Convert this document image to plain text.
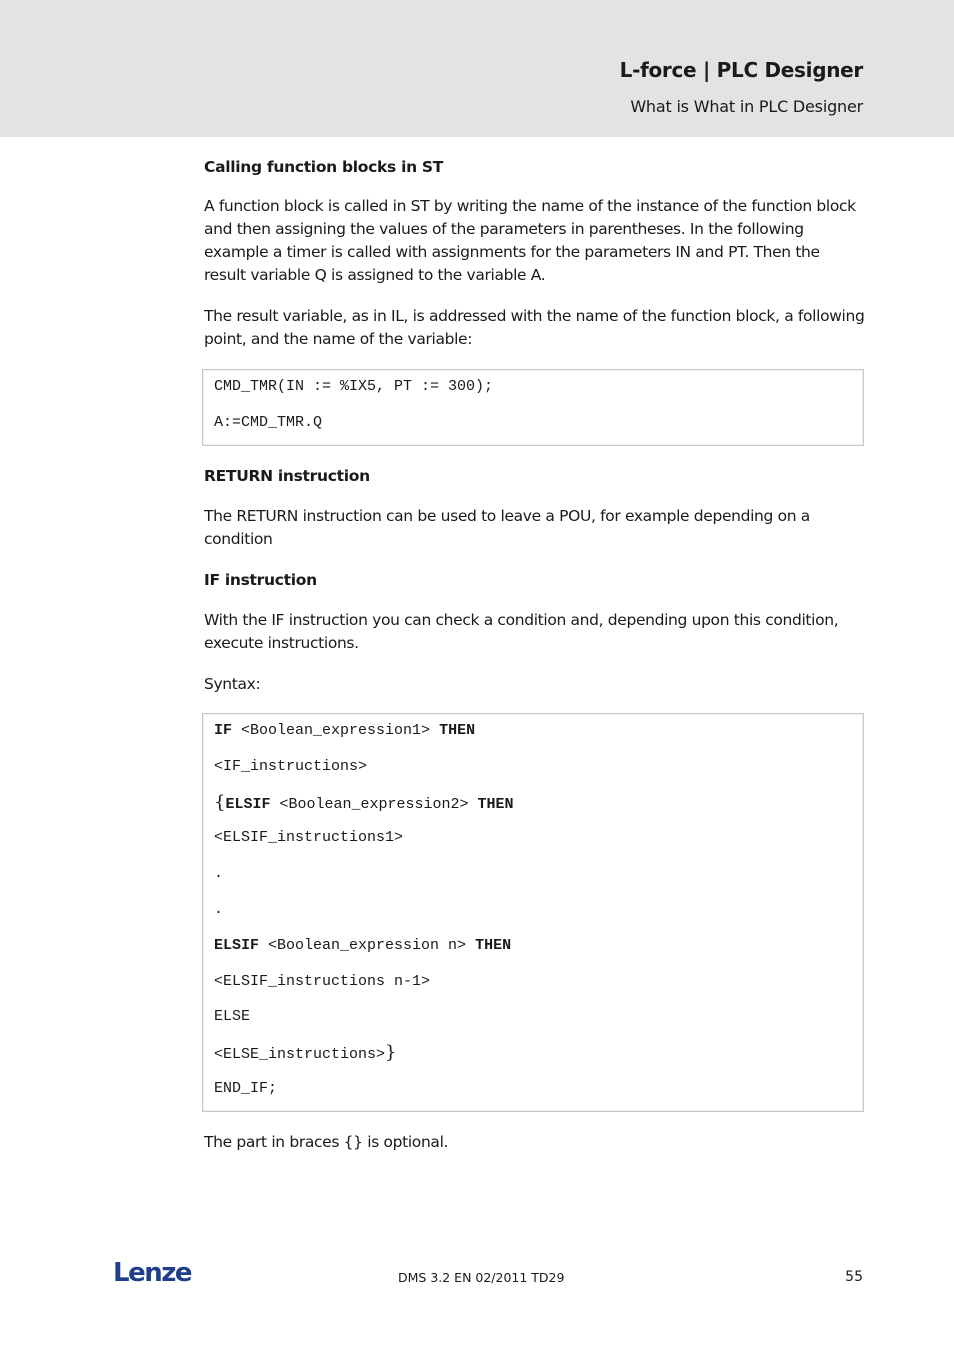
L-force | PLC Designer
What is What in PLC Designer
Calling function blocks in ST

A function block is called in ST by writing the name of the instance of the function block and then assigning the values of the parameters in parentheses. In the following example a timer is called with assignments for the parameters IN and PT. Then the result variable Q is assigned to the variable A.

The result variable, as in IL, is addressed with the name of the function block, a following point, and the name of the variable:

CMD_TMR(IN := %IX5, PT := 300);
A:=CMD_TMR.Q
RETURN instruction

The RETURN instruction can be used to leave a POU, for example depending on a condition

IF instruction

With the IF instruction you can check a condition and, depending upon this condition, execute instructions.

Syntax:

IF <Boolean_expression1> THEN
<IF_instructions>
{ELSIF <Boolean_expression2> THEN
<ELSIF_instructions1>
.
.
ELSIF <Boolean_expression n> THEN
<ELSIF_instructions n-1>
ELSE
<ELSE_instructions>}
END_IF;

The part in braces {} is optional.

Lenze	DMS 3.2 EN 02/2011 TD29	55
